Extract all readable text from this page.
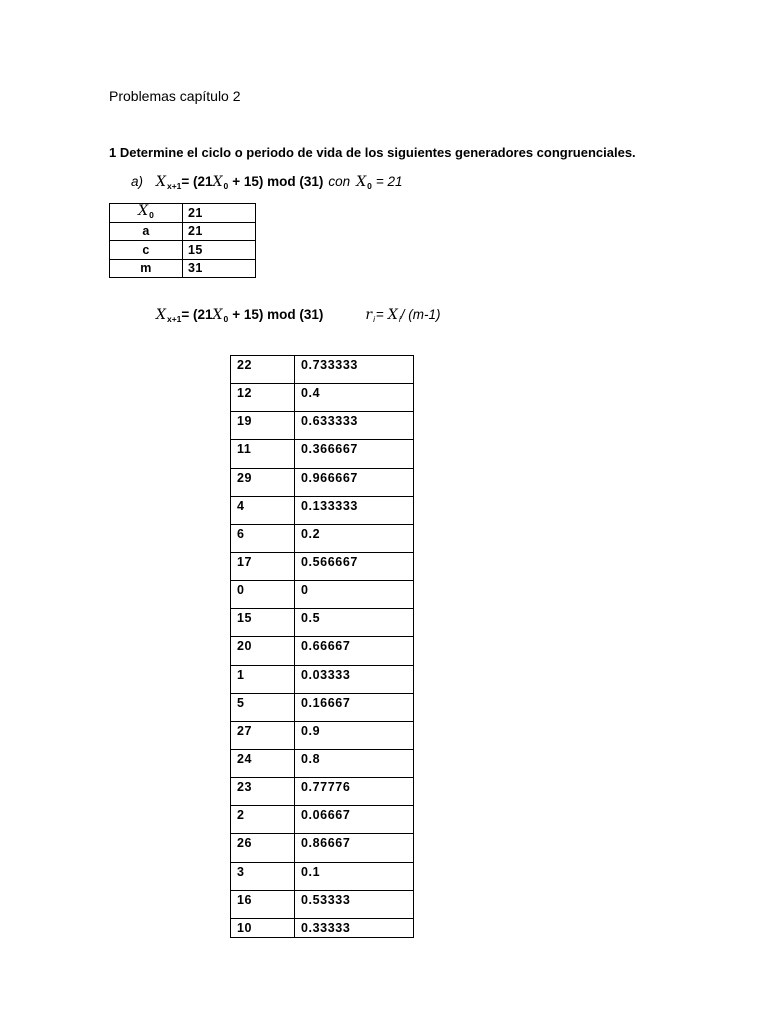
Problemas capítulo 2
1 Determine el ciclo o periodo de vida de los siguientes generadores congruenciales.
a) X x+1 = (21 X 0 + 15) mod (31) con X 0 = 21
$X_0$	21
a	21
c	15
m	31
X x+1 = (21 X 0 + 15) mod (31)	r i = X i / (m-1)
22	0.733333
12	0.4
19	0.633333
11	0.366667
29	0.966667
4	0.133333
6	0.2
17	0.566667
0	0
15	0.5
20	0.66667
1	0.03333
5	0.16667
27	0.9
24	0.8
23	0.77776
2	0.06667
26	0.86667
3	0.1
16	0.53333
10	0.33333
